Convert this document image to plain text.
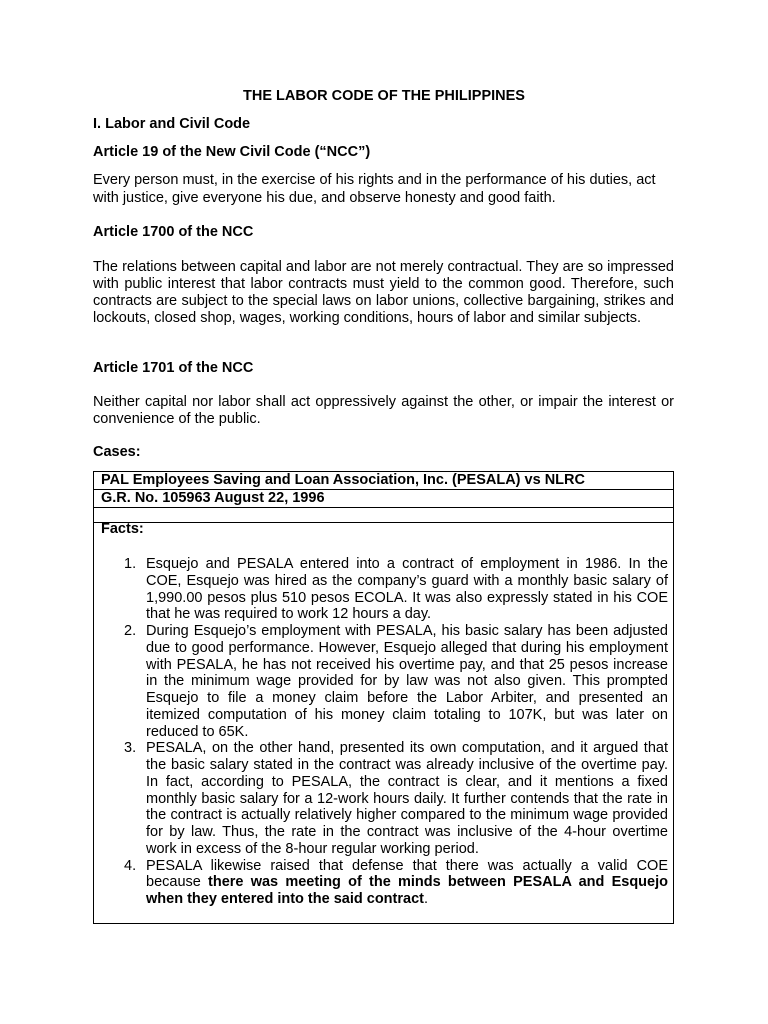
THE LABOR CODE OF THE PHILIPPINES
I. Labor and Civil Code
Article 19 of the New Civil Code (“NCC”)
Every person must, in the exercise of his rights and in the performance of his duties, act with justice, give everyone his due, and observe honesty and good faith.
Article 1700 of the NCC
The relations between capital and labor are not merely contractual. They are so impressed with public interest that labor contracts must yield to the common good. Therefore, such contracts are subject to the special laws on labor unions, collective bargaining, strikes and lockouts, closed shop, wages, working conditions, hours of labor and similar subjects.
Article 1701 of the NCC
Neither capital nor labor shall act oppressively against the other, or impair the interest or convenience of the public.
Cases:
PAL Employees Saving and Loan Association, Inc. (PESALA) vs NLRC
G.R. No. 105963 August 22, 1996
Facts:
1. Esquejo and PESALA entered into a contract of employment in 1986. In the COE, Esquejo was hired as the company’s guard with a monthly basic salary of 1,990.00 pesos plus 510 pesos ECOLA. It was also expressly stated in his COE that he was required to work 12 hours a day.
2. During Esquejo’s employment with PESALA, his basic salary has been adjusted due to good performance. However, Esquejo alleged that during his employment with PESALA, he has not received his overtime pay, and that 25 pesos increase in the minimum wage provided for by law was not also given. This prompted Esquejo to file a money claim before the Labor Arbiter, and presented an itemized computation of his money claim totaling to 107K, but was later on reduced to 65K.
3. PESALA, on the other hand, presented its own computation, and it argued that the basic salary stated in the contract was already inclusive of the overtime pay. In fact, according to PESALA, the contract is clear, and it mentions a fixed monthly basic salary for a 12-work hours daily. It further contends that the rate in the contract is actually relatively higher compared to the minimum wage provided for by law. Thus, the rate in the contract was inclusive of the 4-hour overtime work in excess of the 8-hour regular working period.
4. PESALA likewise raised that defense that there was actually a valid COE because there was meeting of the minds between PESALA and Esquejo when they entered into the said contract.
